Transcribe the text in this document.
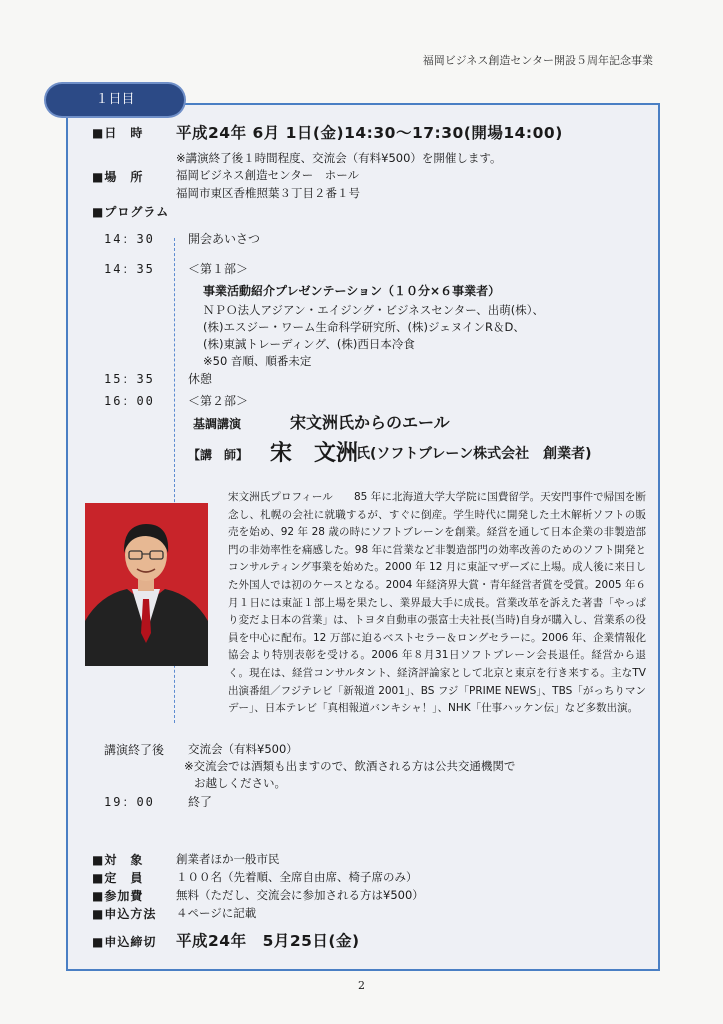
福岡ビジネス創造センター開設５周年記念事業
１日目
■日　時 平成24年 6月 1日(金)14:30〜17:30(開場14:00)
※講演終了後１時間程度、交流会（有料¥500）を開催します。
■場　所	福岡ビジネス創造センター　ホール
福岡市東区香椎照葉３丁目２番１号
■プログラム
14：30	開会あいさつ
14：35	＜第１部＞
事業活動紹介プレゼンテーション（１０分×６事業者）
ＮＰＯ法人アジアン・エイジング・ビジネスセンター、出萌(株）、
(株)エスジー・ワーム生命科学研究所、(株)ジェヌインR＆D、
(株)東誠トレーディング、(株)西日本冷食
※50 音順、順番未定
15：35	休憩
16：00	＜第２部＞
基調講演	宋文洲氏からのエール
【講　師】 宋　文洲
氏(ソフトブレーン株式会社　創業者)
宋文洲氏プロフィール　　85 年に北海道大学大学院に国費留学。天安門事件で帰国を断念し、札幌の会社に就職するが、すぐに倒産。学生時代に開発した土木解析ソフトの販売を始め、92 年 28 歳の時にソフトブレーンを創業。経営を通して日本企業の非製造部門の非効率性を痛感した。98 年に営業など非製造部門の効率改善のためのソフト開発とコンサルティング事業を始めた。2000 年 12 月に東証マザーズに上場。成人後に来日した外国人では初のケースとなる。2004 年経済界大賞・青年経営者賞を受賞。2005 年６月１日には東証１部上場を果たし、業界最大手に成長。営業改革を訴えた著書「やっぱり変だよ日本の営業」は、トヨタ自動車の張富士夫社長(当時)自身が購入し、営業系の役員を中心に配布。12 万部に迫るベストセラー＆ロングセラーに。2006 年、企業情報化協会より特別表彰を受ける。2006 年８月31日ソフトブレーン会長退任。経営から退く。現在は、経営コンサルタント、経済評論家として北京と東京を行き来する。主なTV出演番組／フジテレビ「新報道 2001」、BS フジ「PRIME NEWS」、TBS「がっちりマンデー」、日本テレビ「真相報道バンキシャ！」、NHK「仕事ハッケン伝」など多数出演。
講演終了後 交流会（有料¥500）
※交流会では酒類も出ますので、飲酒される方は公共交通機関で
お越しください。
19：00	終了
■対　象	創業者ほか一般市民
■定　員	１００名（先着順、全席自由席、椅子席のみ）
■参加費	無料（ただし、交流会に参加される方は¥500）
■申込方法 ４ページに記載
■申込締切 平成24年　5月25日(金)
2
